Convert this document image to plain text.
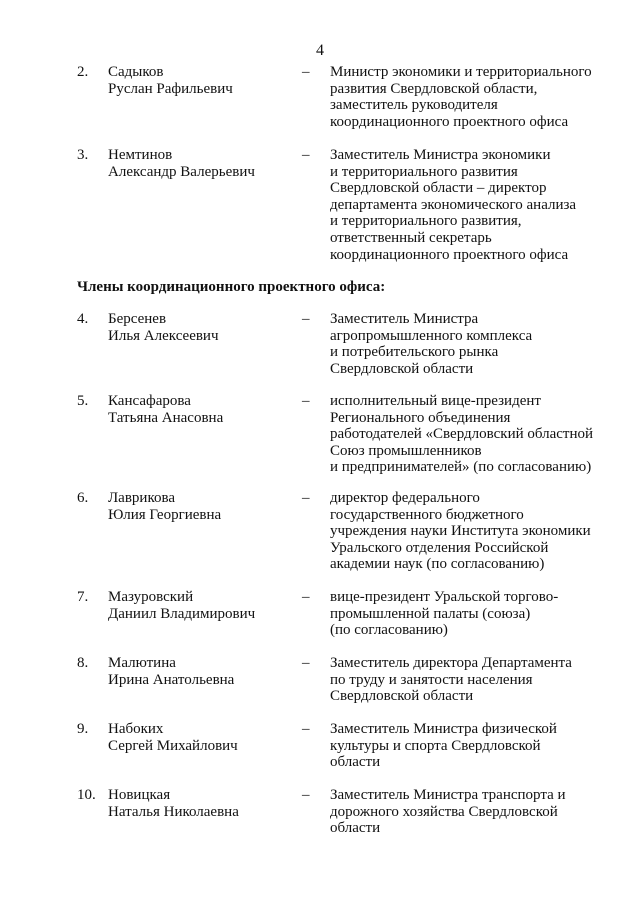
4
2. Садыков
Руслан Рафильевич
– Министр экономики и территориального
развития Свердловской области,
заместитель руководителя
координационного проектного офиса
3. Немтинов
Александр Валерьевич
– Заместитель Министра экономики
и территориального развития
Свердловской области – директор
департамента экономического анализа
и территориального развития,
ответственный секретарь
координационного проектного офиса
Члены координационного проектного офиса:
4. Берсенев
Илья Алексеевич
– Заместитель Министра
агропромышленного комплекса
и потребительского рынка
Свердловской области
5. Кансафарова
Татьяна Анасовна
– исполнительный вице-президент
Регионального объединения
работодателей «Свердловский областной
Союз промышленников
и предпринимателей» (по согласованию)
6. Лаврикова
Юлия Георгиевна
– директор федерального
государственного бюджетного
учреждения науки Института экономики
Уральского отделения Российской
академии наук (по согласованию)
7. Мазуровский
Даниил Владимирович
– вице-президент Уральской торгово-
промышленной палаты (союза)
(по согласованию)
8. Малютина
Ирина Анатольевна
– Заместитель директора Департамента
по труду и занятости населения
Свердловской области
9. Набоких
Сергей Михайлович
– Заместитель Министра физической
культуры и спорта Свердловской
области
10. Новицкая
Наталья Николаевна
– Заместитель Министра транспорта и
дорожного хозяйства Свердловской
области
